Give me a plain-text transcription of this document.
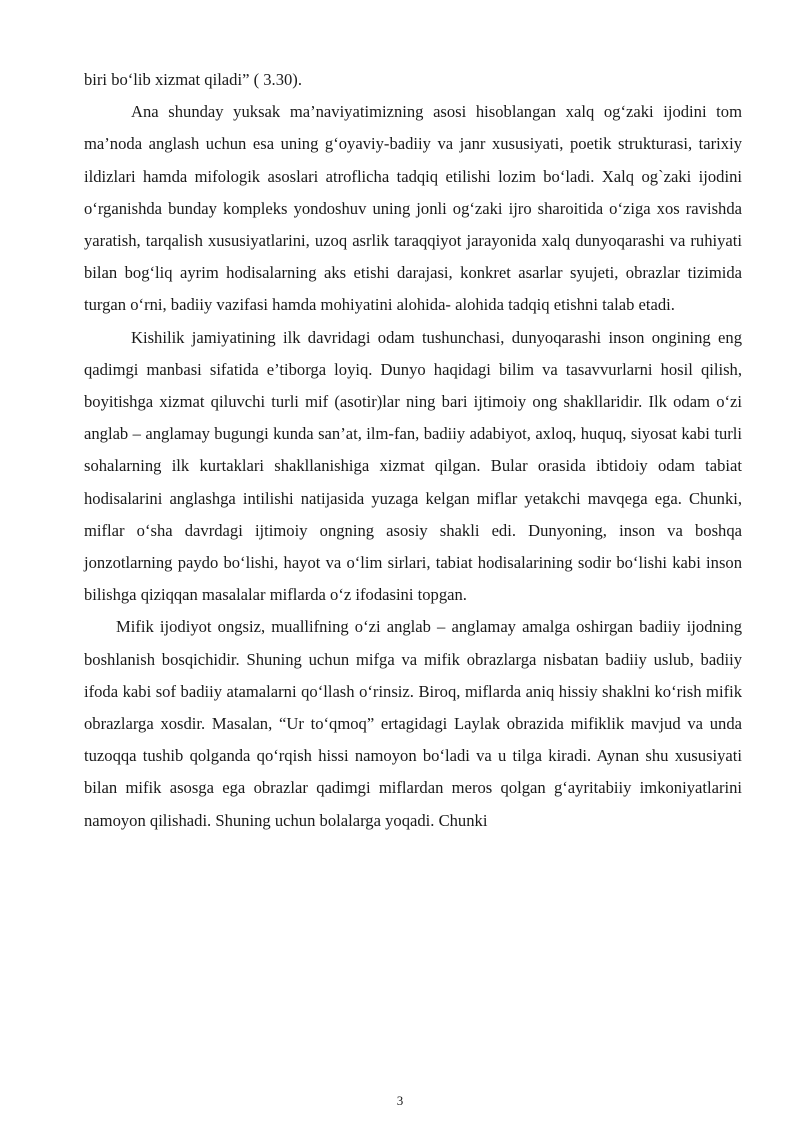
biri boʻlib xizmat qiladi” ( 3.30).

Ana shunday yuksak ma’naviyatimizning asosi hisoblangan xalq ogʻzaki ijodini tom ma’noda anglash uchun esa uning gʻoyaviy-badiiy va janr xususiyati, poetik strukturasi, tarixiy ildizlari hamda mifologik asoslari atroflicha tadqiq etilishi lozim boʻladi. Xalq og`zaki ijodini oʻrganishda bunday kompleks yondoshuv uning jonli ogʻzaki ijro sharoitida oʻziga xos ravishda yaratish, tarqalish xususiyatlarini, uzoq asrlik taraqqiyot jarayonida xalq dunyoqarashi va ruhiyati bilan bogʻliq ayrim hodisalarning aks etishi darajasi, konkret asarlar syujeti, obrazlar tizimida turgan oʻrni, badiiy vazifasi hamda mohiyatini alohida- alohida tadqiq etishni talab etadi.

Kishilik jamiyatining ilk davridagi odam tushunchasi, dunyoqarashi inson ongining eng qadimgi manbasi sifatida e’tiborga loyiq. Dunyo haqidagi bilim va tasavvurlarni hosil qilish, boyitishga xizmat qiluvchi turli mif (asotir)lar ning bari ijtimoiy ong shakllaridir. Ilk odam oʻzi anglab – anglamay bugungi kunda san’at, ilm-fan, badiiy adabiyot, axloq, huquq, siyosat kabi turli sohalarning ilk kurtaklari shakllanishiga xizmat qilgan. Bular orasida ibtidoiy odam tabiat hodisalarini anglashga intilishi natijasida yuzaga kelgan miflar yetakchi mavqega ega. Chunki, miflar oʻsha davrdagi ijtimoiy ongning asosiy shakli edi. Dunyoning, inson va boshqa jonzotlarning paydo boʻlishi, hayot va oʻlim sirlari, tabiat hodisalarining sodir boʻlishi kabi inson bilishga qiziqqan masalalar miflarda oʻz ifodasini topgan.

Mifik ijodiyot ongsiz, muallifning oʻzi anglab – anglamay amalga oshirgan badiiy ijodning boshlanish bosqichidir. Shuning uchun mifga va mifik obrazlarga nisbatan badiiy uslub, badiiy ifoda kabi sof badiiy atamalarni qoʻllash oʻrinsiz. Biroq, miflarda aniq hissiy shaklni koʻrish mifik obrazlarga xosdir. Masalan, “Ur toʻqmoq” ertagidagi Laylak obrazida mifiklik mavjud va unda tuzoqqa tushib qolganda qoʻrqish hissi namoyon boʻladi va u tilga kiradi. Aynan shu xususiyati bilan mifik asosga ega obrazlar qadimgi miflardan meros qolgan gʻayritabiiy imkoniyatlarini namoyon qilishadi. Shuning uchun bolalarga yoqadi. Chunki

3
